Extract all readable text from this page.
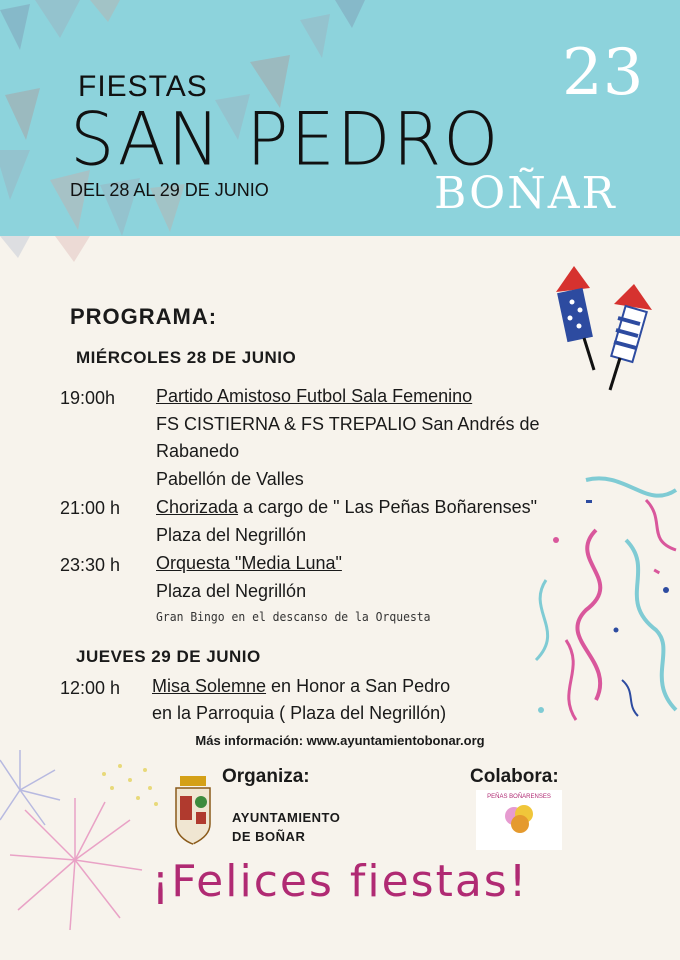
FIESTAS
SAN PEDRO
23
DEL 28 AL 29 DE JUNIO	BOÑAR
PROGRAMA:
MIÉRCOLES 28 DE JUNIO
19:00h Partido Amistoso Futbol Sala Femenino
FS CISTIERNA & FS TREPALIO San Andrés de
Rabanedo
Pabellón de Valles
21:00 h Chorizada a cargo de " Las Peñas Boñarenses"
Plaza del Negrillón
23:30 h Orquesta "Media Luna"
Plaza del Negrillón
Gran Bingo en el descanso de la Orquesta
JUEVES 29 DE JUNIO
12:00 h Misa Solemne en Honor a San Pedro
en la Parroquia ( Plaza del Negrillón)
Más información: www.ayuntamientobonar.org
Organiza:	Colabora:
AYUNTAMIENTO
DE BOÑAR
PEÑAS BOÑARENSES
¡Felices fiestas!
